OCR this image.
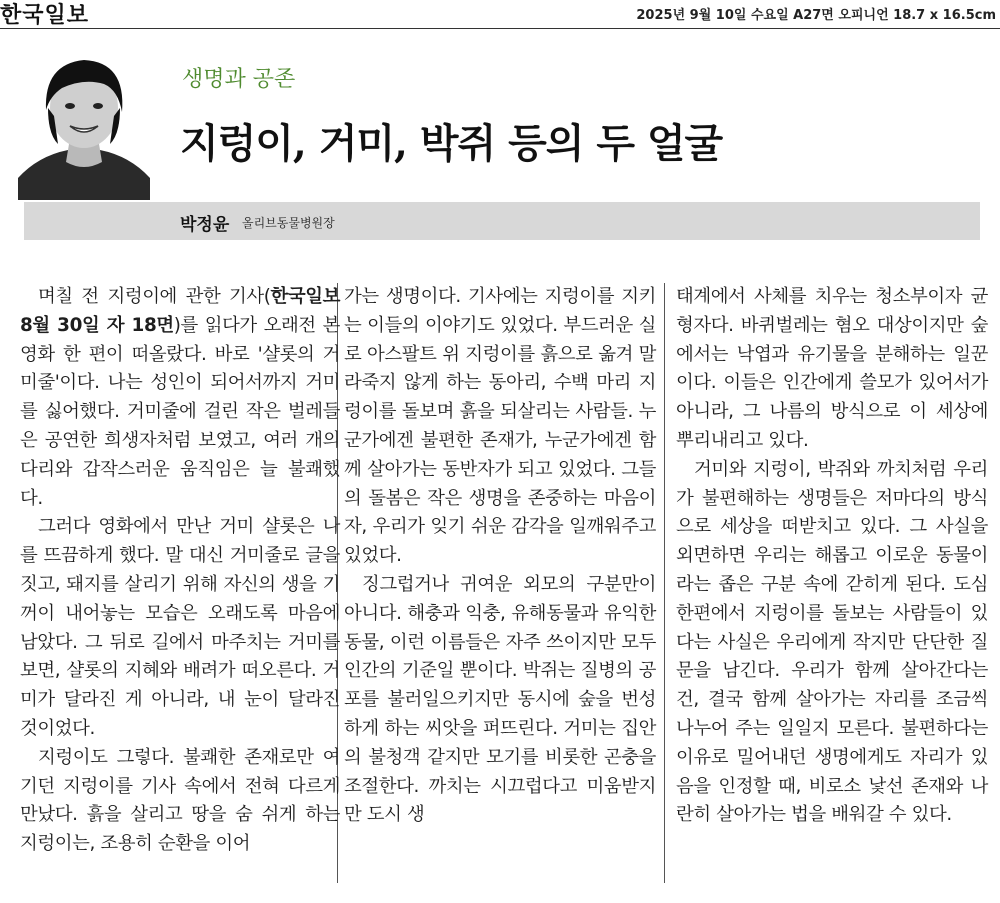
한국일보	2025년 9월 10일 수요일 A27면 오피니언 18.7 x 16.5cm
생명과 공존
지렁이, 거미, 박쥐 등의 두 얼굴
박정윤 올리브동물병원장

며칠 전 지렁이에 관한 기사(한국일보 8월 30일 자 18면)를 읽다가 오래전 본 영화 한 편이 떠올랐다. 바로 '샬롯의 거미줄'이다. 나는 성인이 되어서까지 거미를 싫어했다. 거미줄에 걸린 작은 벌레들은 공연한 희생자처럼 보였고, 여러 개의 다리와 갑작스러운 움직임은 늘 불쾌했다.

그러다 영화에서 만난 거미 샬롯은 나를 뜨끔하게 했다. 말 대신 거미줄로 글을 짓고, 돼지를 살리기 위해 자신의 생을 기꺼이 내어놓는 모습은 오래도록 마음에 남았다. 그 뒤로 길에서 마주치는 거미를 보면, 샬롯의 지혜와 배려가 떠오른다. 거미가 달라진 게 아니라, 내 눈이 달라진 것이었다.

지렁이도 그렇다. 불쾌한 존재로만 여기던 지렁이를 기사 속에서 전혀 다르게 만났다. 흙을 살리고 땅을 숨 쉬게 하는 지렁이는, 조용히 순환을 이어

가는 생명이다. 기사에는 지렁이를 지키는 이들의 이야기도 있었다. 부드러운 실로 아스팔트 위 지렁이를 흙으로 옮겨 말라죽지 않게 하는 동아리, 수백 마리 지렁이를 돌보며 흙을 되살리는 사람들. 누군가에겐 불편한 존재가, 누군가에겐 함께 살아가는 동반자가 되고 있었다. 그들의 돌봄은 작은 생명을 존중하는 마음이자, 우리가 잊기 쉬운 감각을 일깨워주고 있었다.

징그럽거나 귀여운 외모의 구분만이 아니다. 해충과 익충, 유해동물과 유익한 동물, 이런 이름들은 자주 쓰이지만 모두 인간의 기준일 뿐이다. 박쥐는 질병의 공포를 불러일으키지만 동시에 숲을 번성하게 하는 씨앗을 퍼뜨린다. 거미는 집안의 불청객 같지만 모기를 비롯한 곤충을 조절한다. 까치는 시끄럽다고 미움받지만 도시 생

태계에서 사체를 치우는 청소부이자 균형자다. 바퀴벌레는 혐오 대상이지만 숲에서는 낙엽과 유기물을 분해하는 일꾼이다. 이들은 인간에게 쓸모가 있어서가 아니라, 그 나름의 방식으로 이 세상에 뿌리내리고 있다.

거미와 지렁이, 박쥐와 까치처럼 우리가 불편해하는 생명들은 저마다의 방식으로 세상을 떠받치고 있다. 그 사실을 외면하면 우리는 해롭고 이로운 동물이라는 좁은 구분 속에 갇히게 된다. 도심 한편에서 지렁이를 돌보는 사람들이 있다는 사실은 우리에게 작지만 단단한 질문을 남긴다. 우리가 함께 살아간다는 건, 결국 함께 살아가는 자리를 조금씩 나누어 주는 일일지 모른다. 불편하다는 이유로 밀어내던 생명에게도 자리가 있음을 인정할 때, 비로소 낯선 존재와 나란히 살아가는 법을 배워갈 수 있다.
